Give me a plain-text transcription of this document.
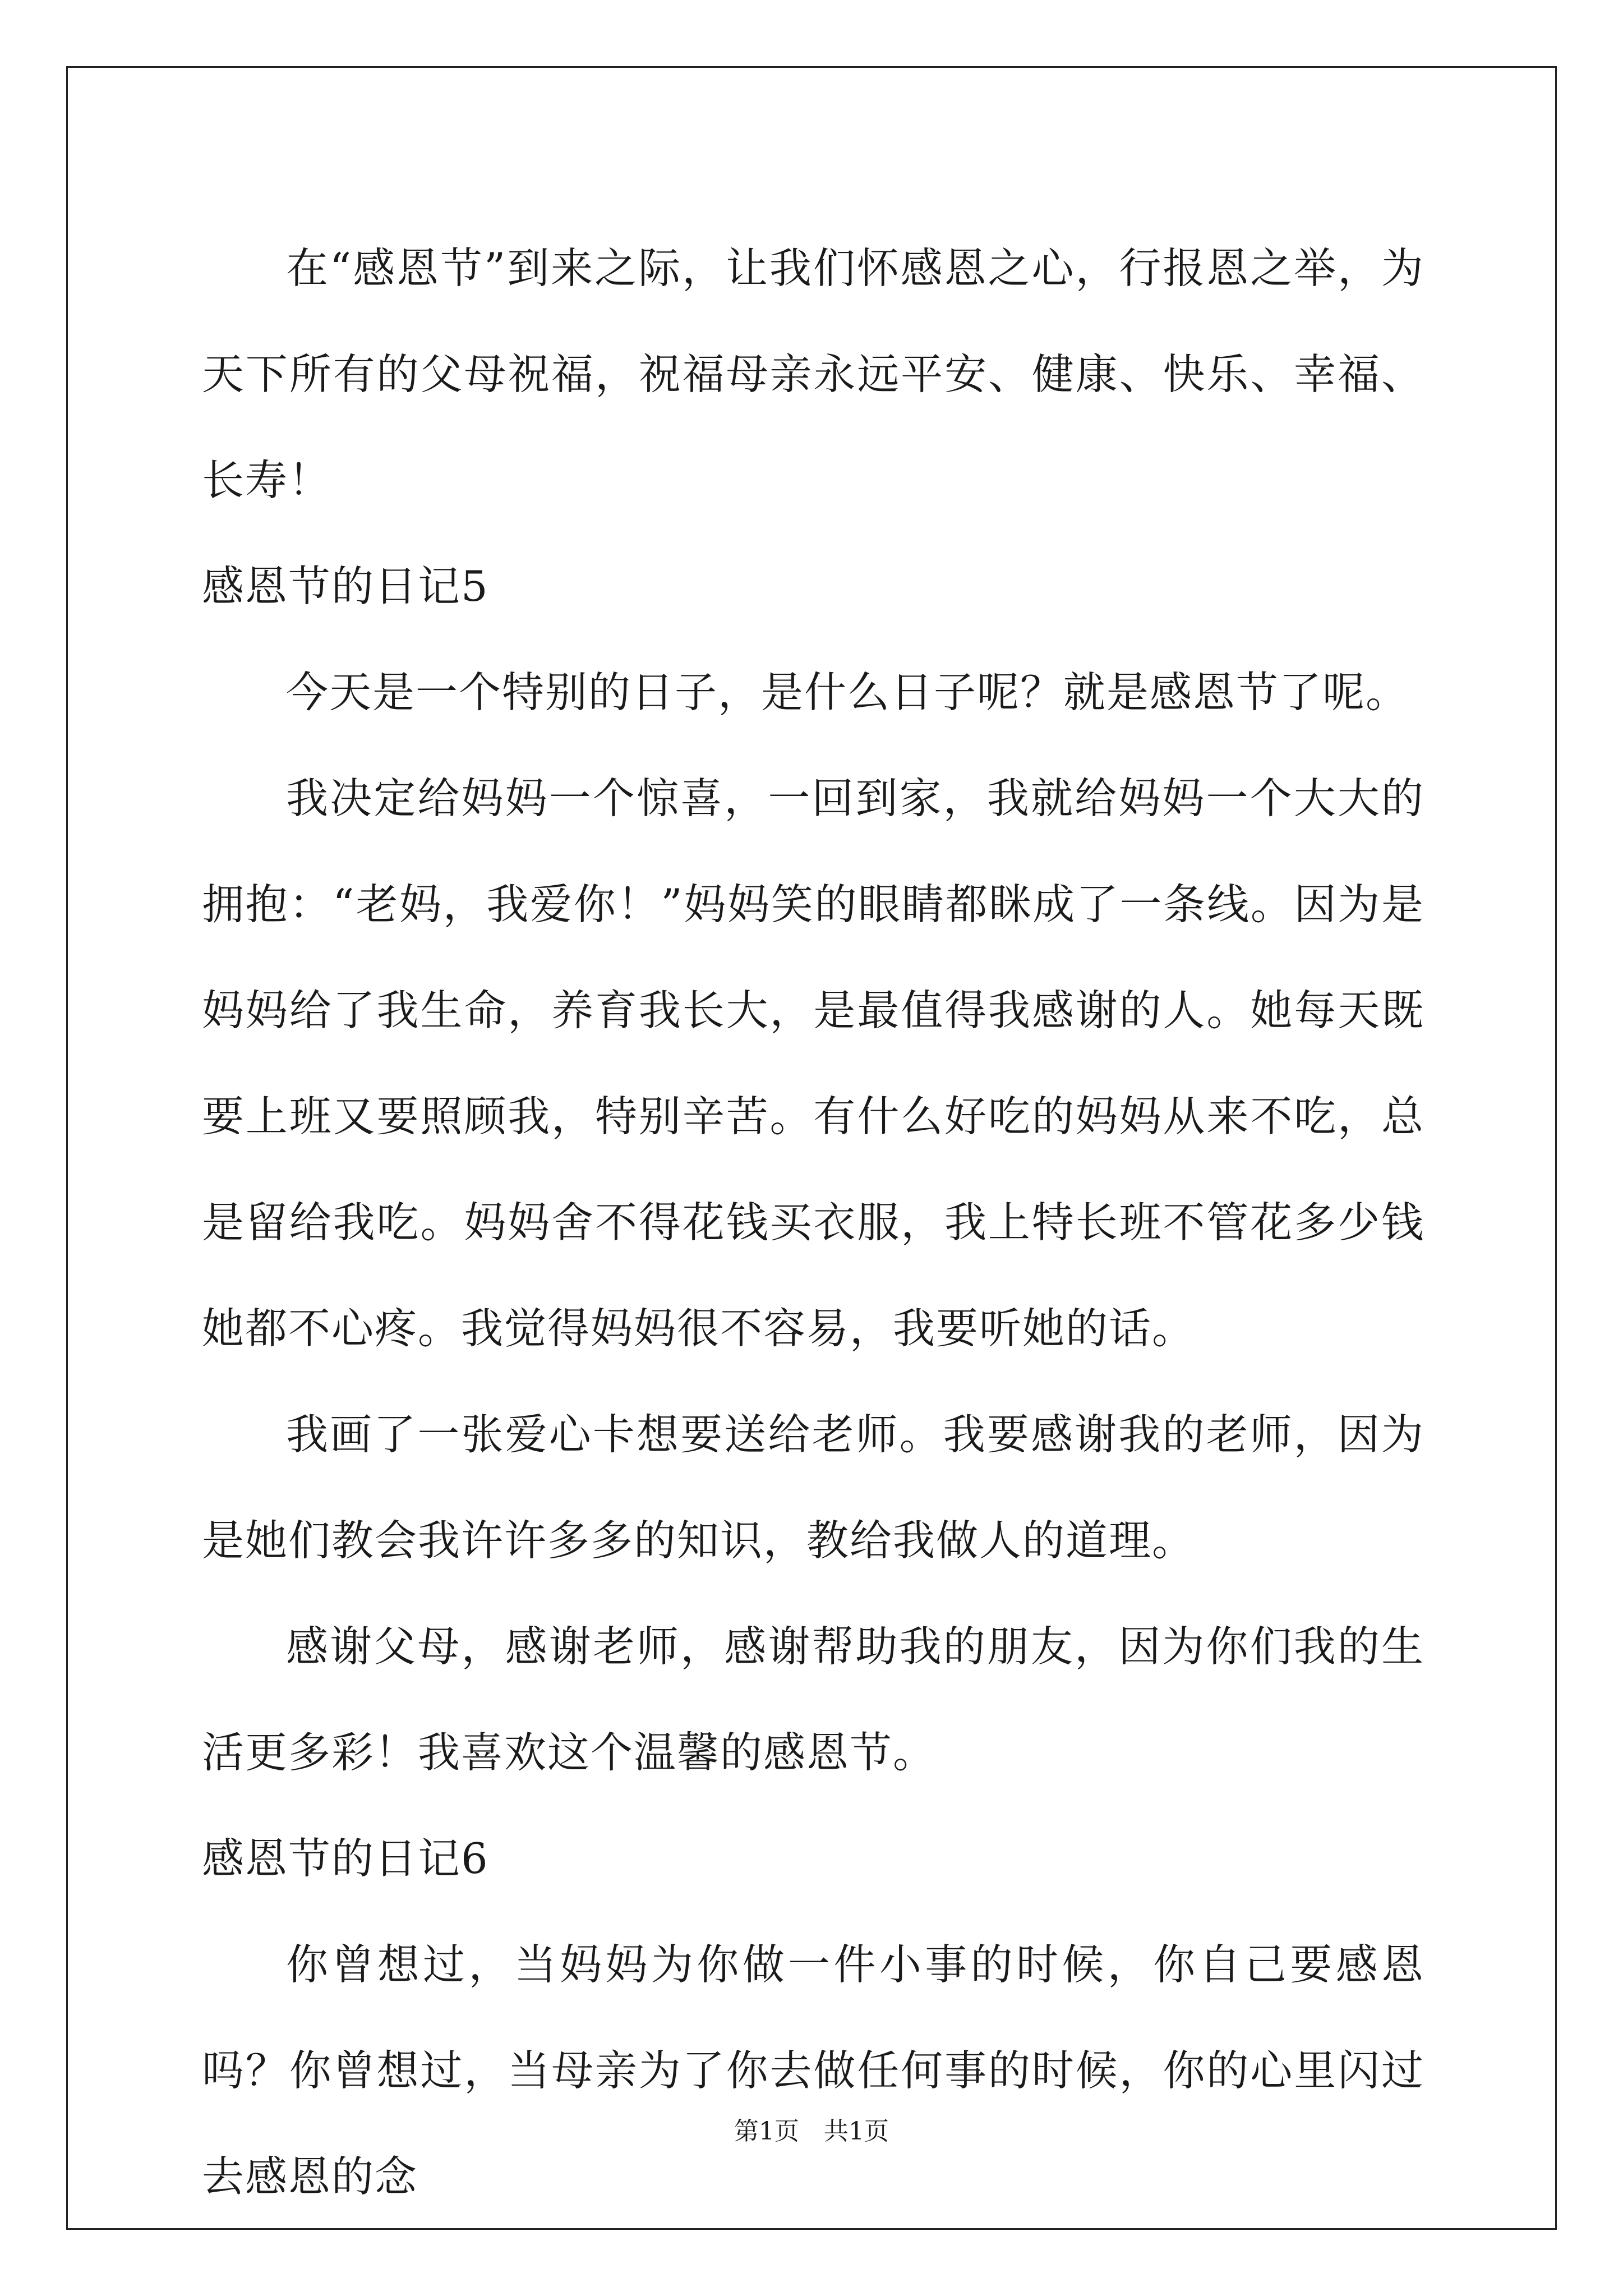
在“感恩节”到来之际，让我们怀感恩之心，行报恩之举，为天下所有的父母祝福，祝福母亲永远平安、健康、快乐、幸福、长寿！

感恩节的日记5

今天是一个特别的日子，是什么日子呢？就是感恩节了呢。

我决定给妈妈一个惊喜，一回到家，我就给妈妈一个大大的拥抱：“老妈，我爱你！”妈妈笑的眼睛都眯成了一条线。因为是妈妈给了我生命，养育我长大，是最值得我感谢的人。她每天既要上班又要照顾我，特别辛苦。有什么好吃的妈妈从来不吃，总是留给我吃。妈妈舍不得花钱买衣服，我上特长班不管花多少钱她都不心疼。我觉得妈妈很不容易，我要听她的话。

我画了一张爱心卡想要送给老师。我要感谢我的老师，因为是她们教会我许许多多的知识，教给我做人的道理。

感谢父母，感谢老师，感谢帮助我的朋友，因为你们我的生活更多彩！我喜欢这个温馨的感恩节。

感恩节的日记6

你曾想过，当妈妈为你做一件小事的时候，你自己要感恩吗？你曾想过，当母亲为了你去做任何事的时候，你的心里闪过去感恩的念

第1页　共1页
